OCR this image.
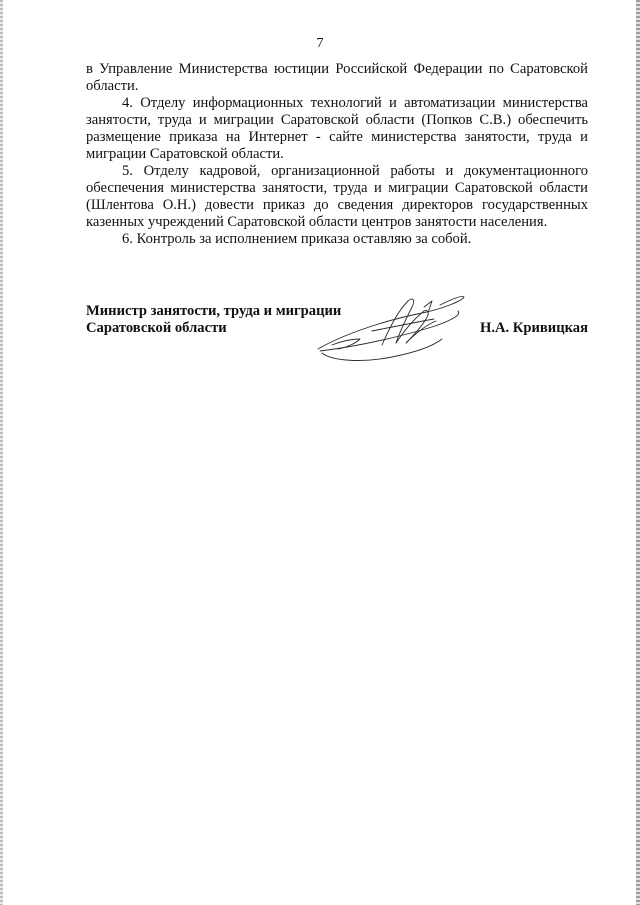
7

в Управление Министерства юстиции Российской Федерации по Саратовской области.

4. Отделу информационных технологий и автоматизации министерства занятости, труда и миграции Саратовской области (Попков С.В.) обеспечить размещение приказа на Интернет - сайте министерства занятости, труда и миграции Саратовской области.

5. Отделу кадровой, организационной работы и документационного обеспечения министерства занятости, труда и миграции Саратовской области (Шлентова О.Н.) довести приказ до сведения директоров государственных казенных учреждений Саратовской области центров занятости населения.

6. Контроль за исполнением приказа оставляю за собой.

Министр занятости, труда и миграции
Саратовской области	Н.А. Кривицкая
